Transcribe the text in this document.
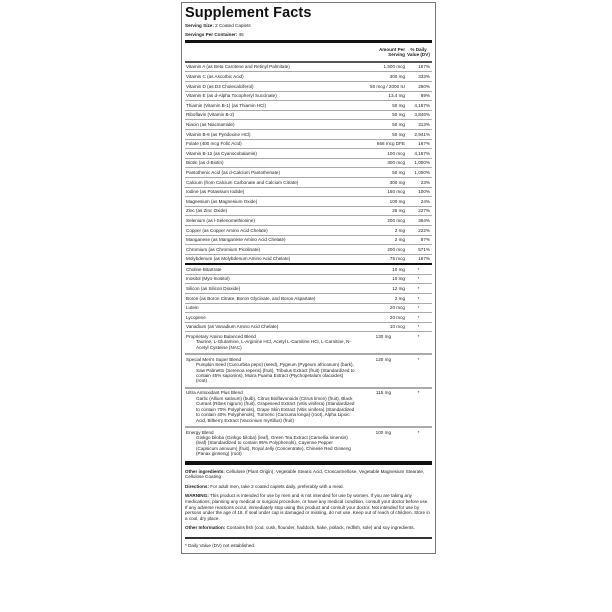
Supplement Facts
Serving Size: 2 Coated Caplets
Servings Per Container: 45
Amount Per Serving
% Daily Value (DV)
Vitamin A (as Beta Carotene and Retinyl Palmitate)	1,500 mcg	167%
Vitamin C (as Ascorbic Acid)	300 mg	333%
Vitamin D (as D3 Cholecalciferol)	50 mcg / 2000 IU	250%
Vitamin E (as d-Alpha Tocopheryl Succinate)	13.4 mg	89%
Thiamin (Vitamin B-1) (as Thiamin HCl)	50 mg	4,167%
Riboflavin (Vitamin B-2)	50 mg	3,846%
Niacin (as Niacinamide)	50 mg	313%
Vitamin B-6 (as Pyridoxine HCl)	50 mg	2,941%
Folate (400 mcg Folic Acid)	666 mcg DFE	167%
Vitamin B-12 (as Cyanocobalamin)	100 mcg	4,167%
Biotin (as d-Biotin)	300 mcg	1,000%
Pantothenic Acid (as d-Calcium Pantothenate)	50 mg	1,000%
Calcium (from Calcium Carbonate and Calcium Citrate)	300 mg	23%
Iodine (as Potassium Iodide)	150 mcg	100%
Magnesium (as Magnesium Oxide)	100 mg	24%
Zinc (as Zinc Oxide)	25 mg	227%
Selenium (as l-Selenomethionine)	200 mcg	364%
Copper (as Copper Amino Acid Chelate)	2 mg	222%
Manganese (as Manganese Amino Acid Chelate)	2 mg	87%
Chromium (as Chromium Picolinate)	200 mcg	571%
Molybdenum (as Molybdenum Amino Acid Chelate)	75 mcg	167%
Choline Bitartrate	10 mg	*
Inositol (Myo-Inositol)	10 mg	*
Silicon (as Silicon Dioxide)	12 mg	*
Boron (as Boron Citrate, Boron Glycinate, and Boron Aspartate)	2 mg	*
Lutein	20 mcg	*
Lycopene	20 mcg	*
Vanadium (as Vanadium Amino Acid Chelate)	10 mcg	*
Proprietary Amino Balanced Blend
Taurine, L-Glutamine, L-Arginine HCl, Acetyl L-Carnitine HCl, L-Carnitine, N-Acetyl Cysteine (NAC)
130 mg	*
Special Men's Super Blend
Pumpkin Seed (Curcurbita pepo) (seed), Pygeum (Pygeum africanum) (bark), Saw Palmetto (Serenoa repens) (fruit), Tribulus Extract (fruit) (Standardized to contain 45% saponins), Muira Puama Extract (Ptychopetalum olacoides) (root)
120 mg	*
Ultra Antioxidant Plus Blend
Garlic (Allium sativum) (bulb), Citrus Bioflavonoids (Citrus limon) (fruit), Black Currant (Ribes nigrum) (fruit), Grapeseed Extract (Vitis vinifera) (Standardized to contain 70% Polyphenols), Grape Skin Extract (Vitis vinifera) (Standardized to contain 40% Polyphenols), Turmeric (Curcuma longa) (root), Alpha Lipoic Acid, Bilberry Extract (Vaccinium myrtillus) (fruit)
115 mg	*
Energy Blend
Ginkgo biloba (Ginkgo biloba) (leaf), Green Tea Extract (Camellia sinensis) (leaf) (Standardized to contain 95% Polyphenols), Cayenne Pepper (Capsicum annuum) (fruit), Royal Jelly (Concentrate), Chinese Red Ginseng (Panax ginseng) (root)
100 mg	*

Other ingredients: Cellulose (Plant Origin), Vegetable Stearic Acid, Croscarmellose, Vegetable Magnesium Stearate, Cellulose Coating

Directions: For adult men, take 2 coated caplets daily, preferably with a meal.

WARNING: This product is intended for use by men and is not intended for use by women. If you are taking any medications, planning any medical or surgical procedure, or have any medical condition, consult your doctor before use. If any adverse reactions occur, immediately stop using this product and consult your doctor. Not intended for use by persons under the age of 18. If seal under cap is damaged or missing, do not use. Keep out of reach of children. Store in a cool, dry place.

Other Information: Contains fish (cod, cusk, flounder, haddock, hake, pollack, redfish, sole) and soy ingredients.

* Daily Value (DV) not established.
